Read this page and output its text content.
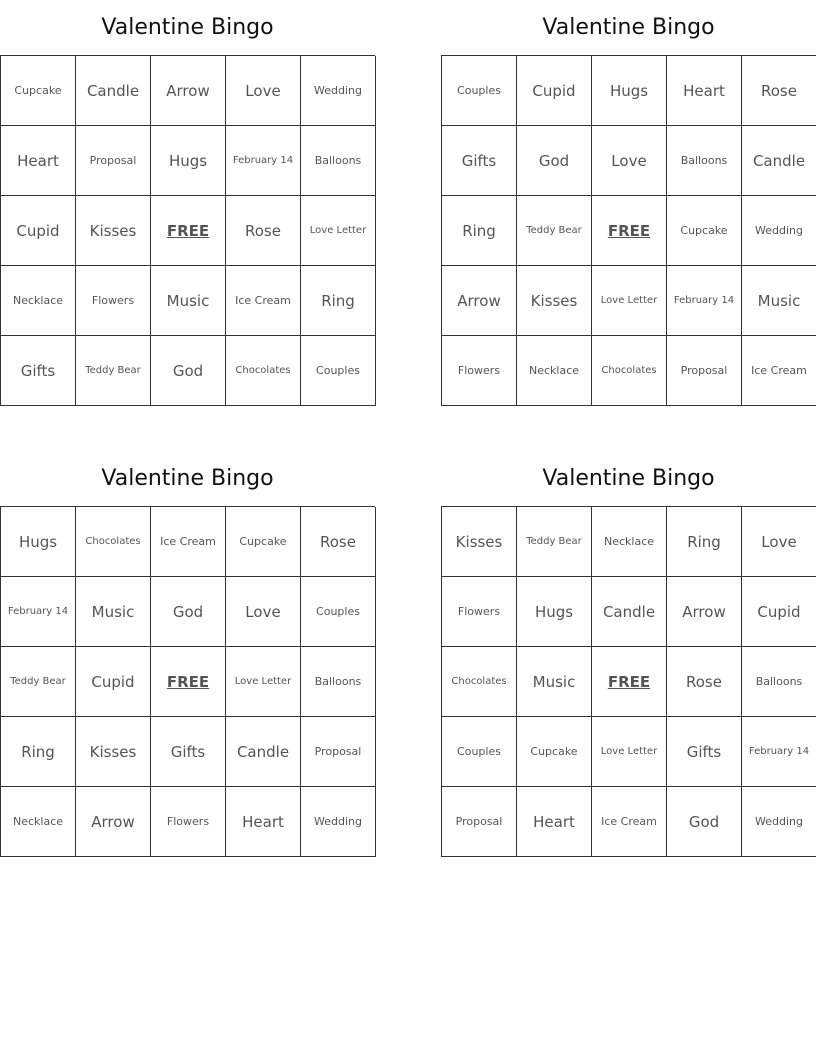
Valentine Bingo
Cupcake	Candle	Arrow	Love	Wedding
Heart	Proposal	Hugs	February 14	Balloons
Cupid	Kisses	FREE	Rose	Love Letter
Necklace	Flowers	Music	Ice Cream	Ring
Gifts	Teddy Bear	God	Chocolates	Couples
Valentine Bingo
Couples	Cupid	Hugs	Heart	Rose
Gifts	God	Love	Balloons	Candle
Ring	Teddy Bear	FREE	Cupcake	Wedding
Arrow	Kisses	Love Letter	February 14	Music
Flowers	Necklace	Chocolates	Proposal	Ice Cream
Valentine Bingo
Hugs	Chocolates	Ice Cream	Cupcake	Rose
February 14	Music	God	Love	Couples
Teddy Bear	Cupid	FREE	Love Letter	Balloons
Ring	Kisses	Gifts	Candle	Proposal
Necklace	Arrow	Flowers	Heart	Wedding
Valentine Bingo
Kisses	Teddy Bear	Necklace	Ring	Love
Flowers	Hugs	Candle	Arrow	Cupid
Chocolates	Music	FREE	Rose	Balloons
Couples	Cupcake	Love Letter	Gifts	February 14
Proposal	Heart	Ice Cream	God	Wedding
